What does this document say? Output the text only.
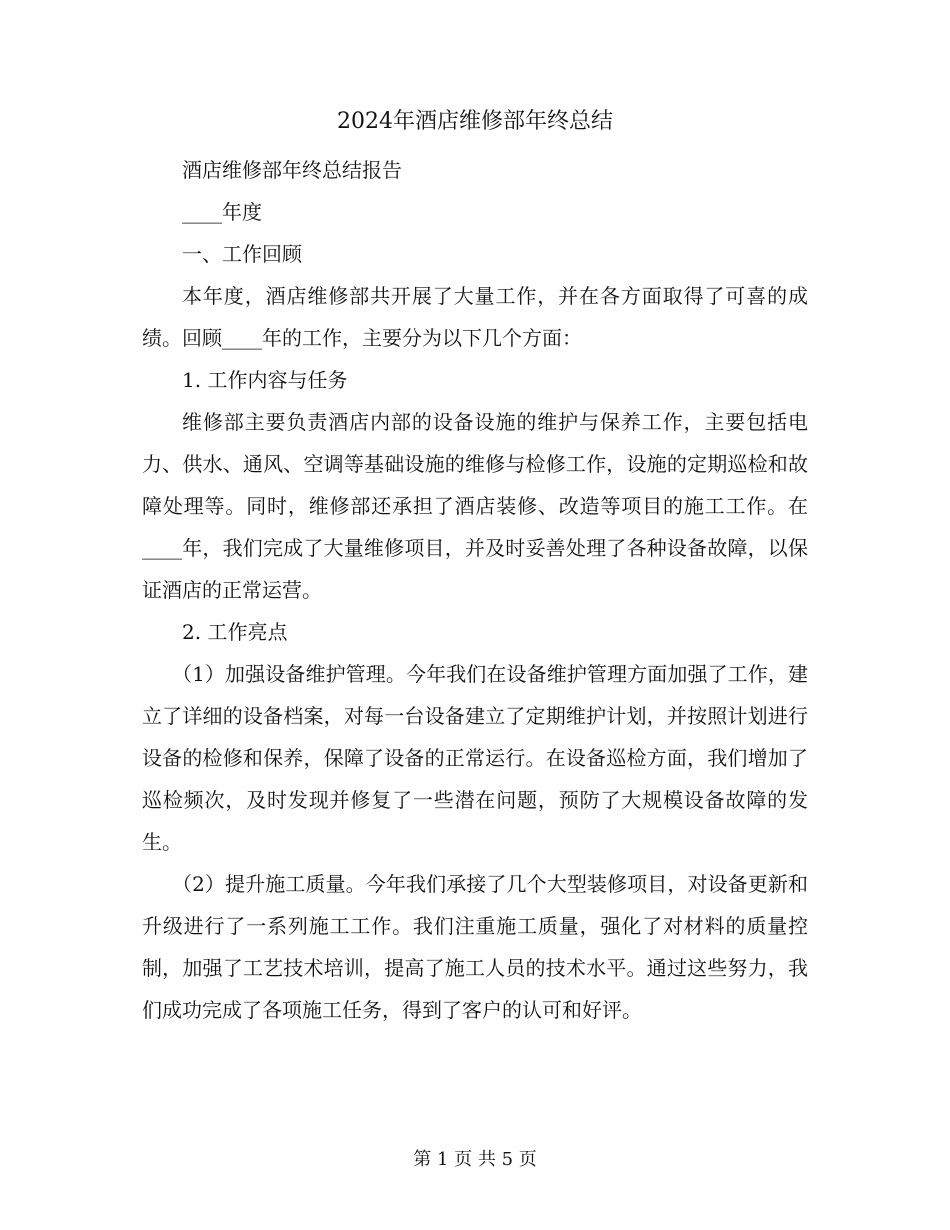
2024年酒店维修部年终总结

酒店维修部年终总结报告

____年度

一、工作回顾

本年度，酒店维修部共开展了大量工作，并在各方面取得了可喜的成绩。回顾____年的工作，主要分为以下几个方面：

1. 工作内容与任务

维修部主要负责酒店内部的设备设施的维护与保养工作，主要包括电力、供水、通风、空调等基础设施的维修与检修工作，设施的定期巡检和故障处理等。同时，维修部还承担了酒店装修、改造等项目的施工工作。在____年，我们完成了大量维修项目，并及时妥善处理了各种设备故障，以保证酒店的正常运营。

2. 工作亮点

（1）加强设备维护管理。今年我们在设备维护管理方面加强了工作，建立了详细的设备档案，对每一台设备建立了定期维护计划，并按照计划进行设备的检修和保养，保障了设备的正常运行。在设备巡检方面，我们增加了巡检频次，及时发现并修复了一些潜在问题，预防了大规模设备故障的发生。

（2）提升施工质量。今年我们承接了几个大型装修项目，对设备更新和升级进行了一系列施工工作。我们注重施工质量，强化了对材料的质量控制，加强了工艺技术培训，提高了施工人员的技术水平。通过这些努力，我们成功完成了各项施工任务，得到了客户的认可和好评。

第 1 页 共 5 页
